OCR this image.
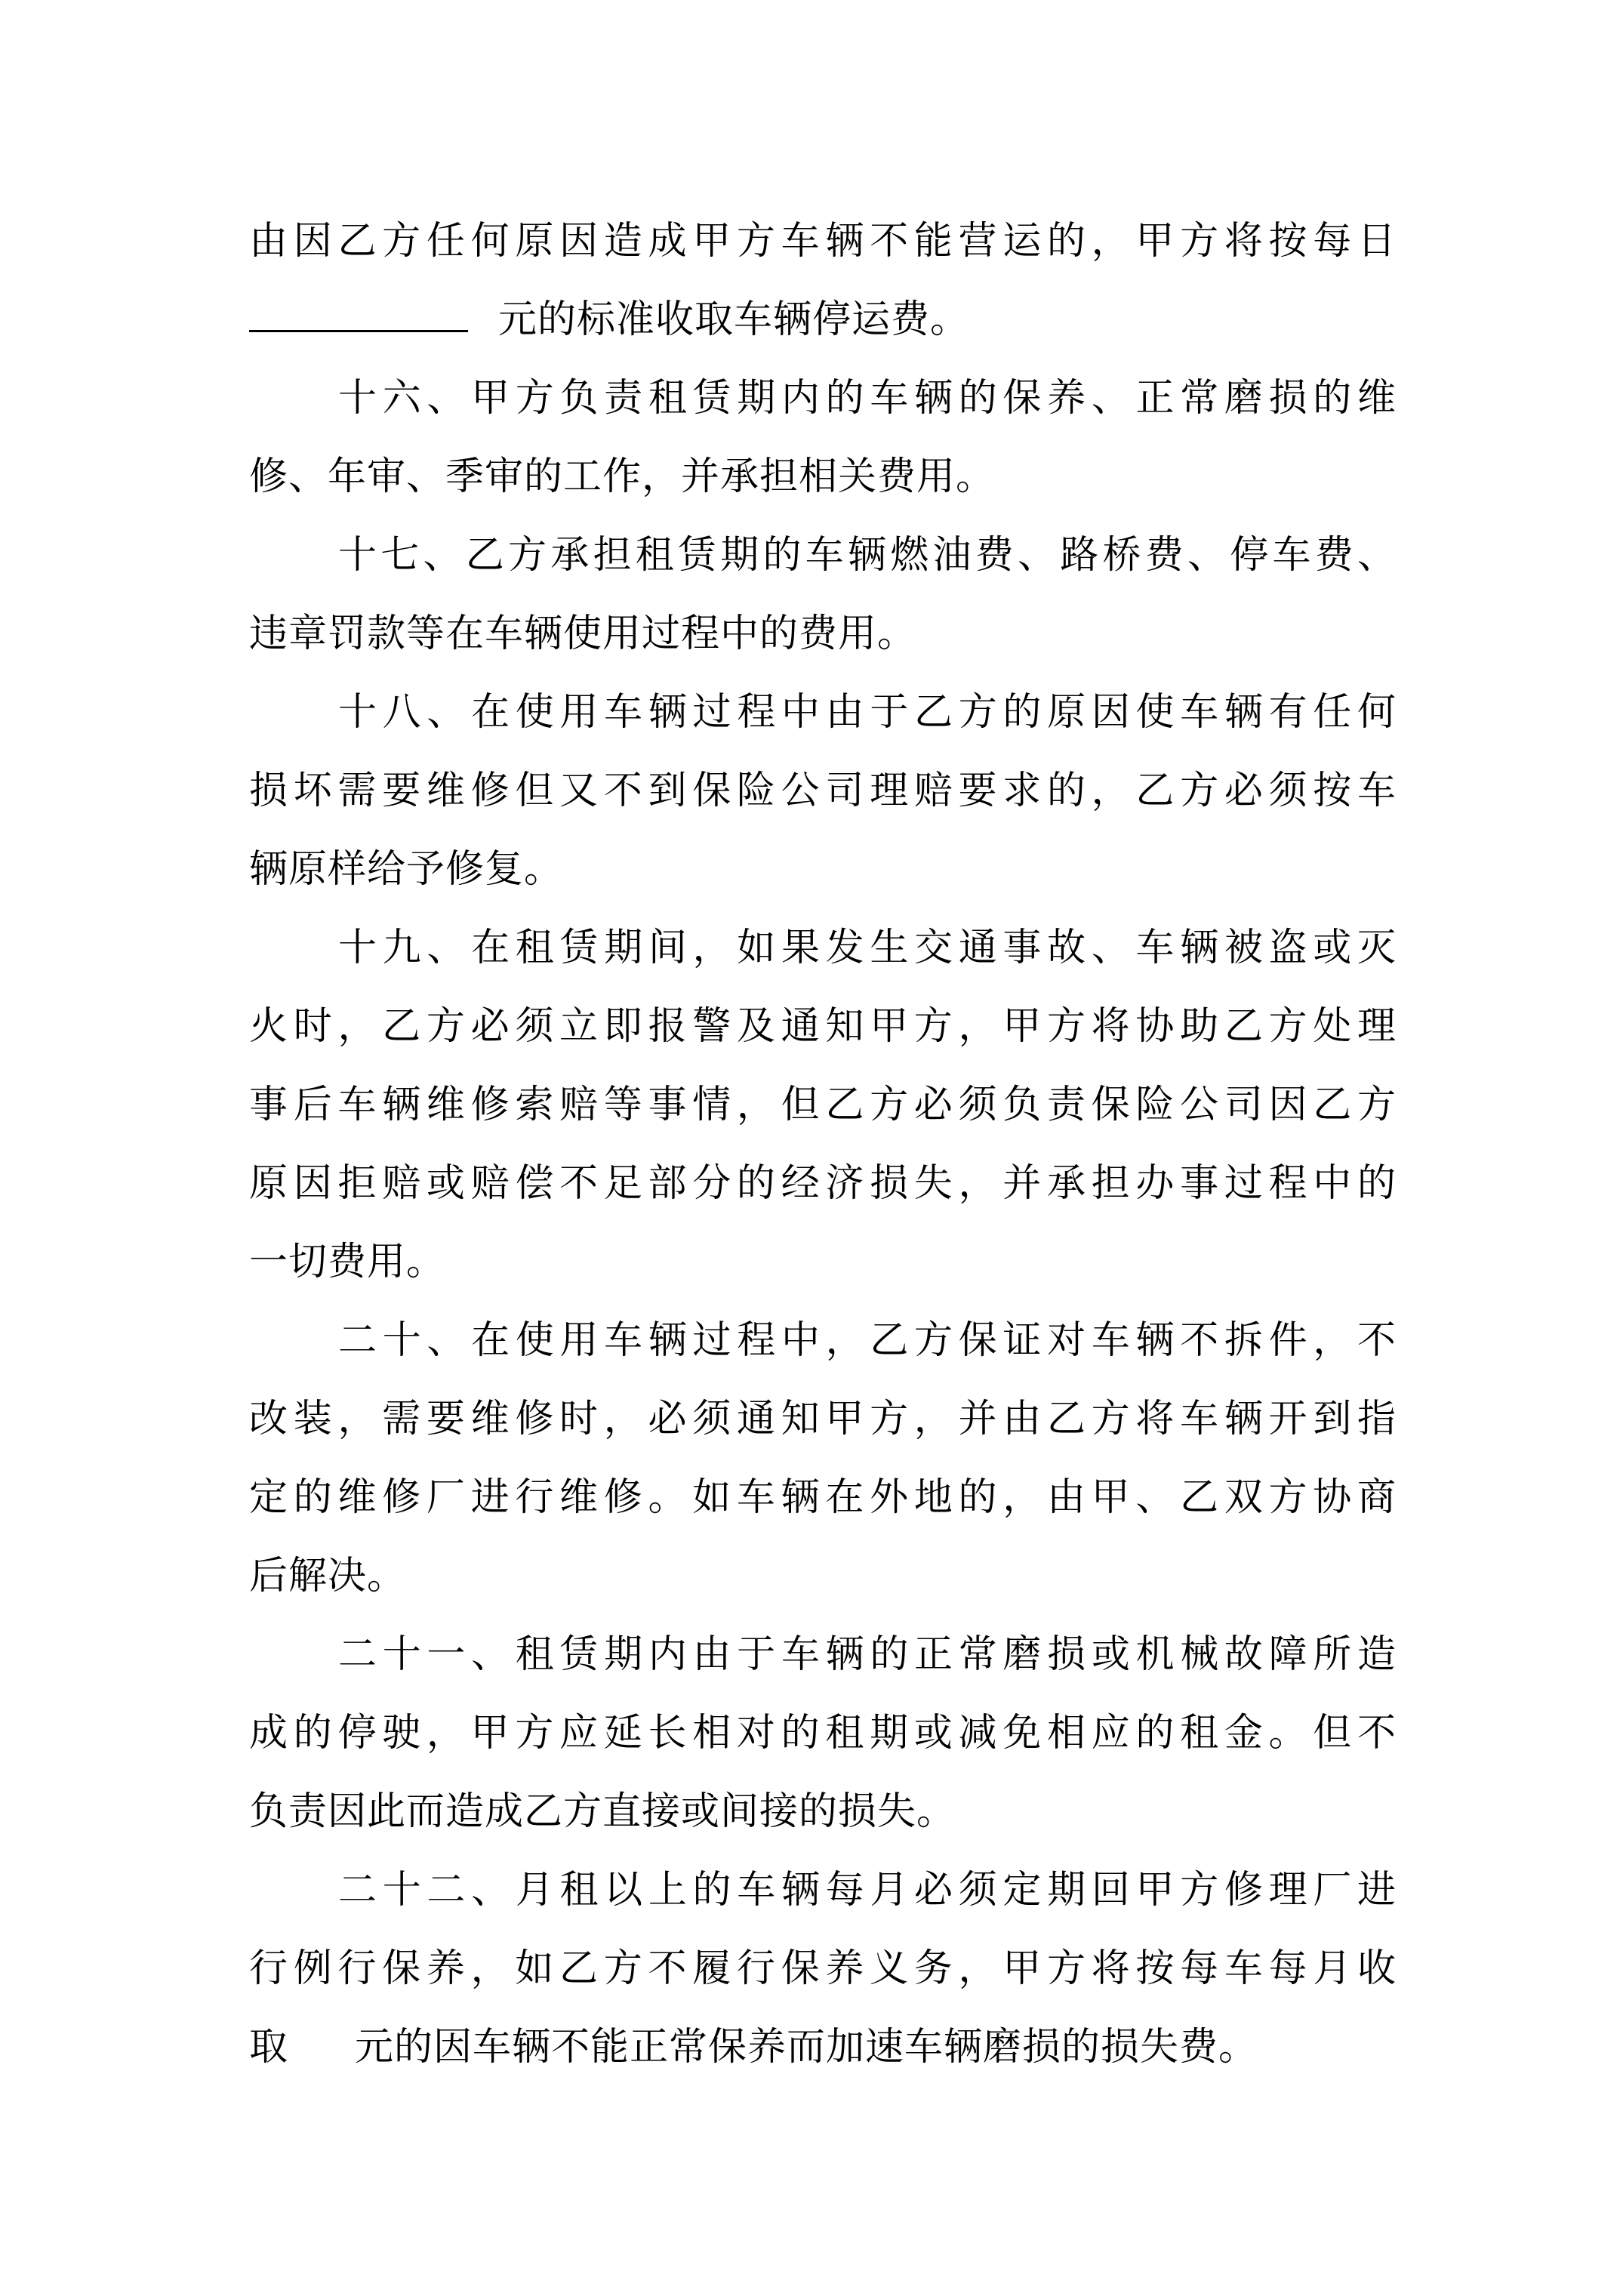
由因乙方任何原因造成甲方车辆不能营运的，甲方将按每日
元的标准收取车辆停运费。
十六、甲方负责租赁期内的车辆的保养、正常磨损的维
修、年审、季审的工作，并承担相关费用。
十七、乙方承担租赁期的车辆燃油费、路桥费、停车费、
违章罚款等在车辆使用过程中的费用。
十八、在使用车辆过程中由于乙方的原因使车辆有任何
损坏需要维修但又不到保险公司理赔要求的，乙方必须按车
辆原样给予修复。
十九、在租赁期间，如果发生交通事故、车辆被盗或灭
火时，乙方必须立即报警及通知甲方，甲方将协助乙方处理
事后车辆维修索赔等事情，但乙方必须负责保险公司因乙方
原因拒赔或赔偿不足部分的经济损失，并承担办事过程中的
一切费用。
二十、在使用车辆过程中，乙方保证对车辆不拆件，不
改装，需要维修时，必须通知甲方，并由乙方将车辆开到指
定的维修厂进行维修。如车辆在外地的，由甲、乙双方协商
后解决。
二十一、租赁期内由于车辆的正常磨损或机械故障所造
成的停驶，甲方应延长相对的租期或减免相应的租金。但不
负责因此而造成乙方直接或间接的损失。
二十二、月租以上的车辆每月必须定期回甲方修理厂进
行例行保养，如乙方不履行保养义务，甲方将按每车每月收
取 元的因车辆不能正常保养而加速车辆磨损的损失费。
